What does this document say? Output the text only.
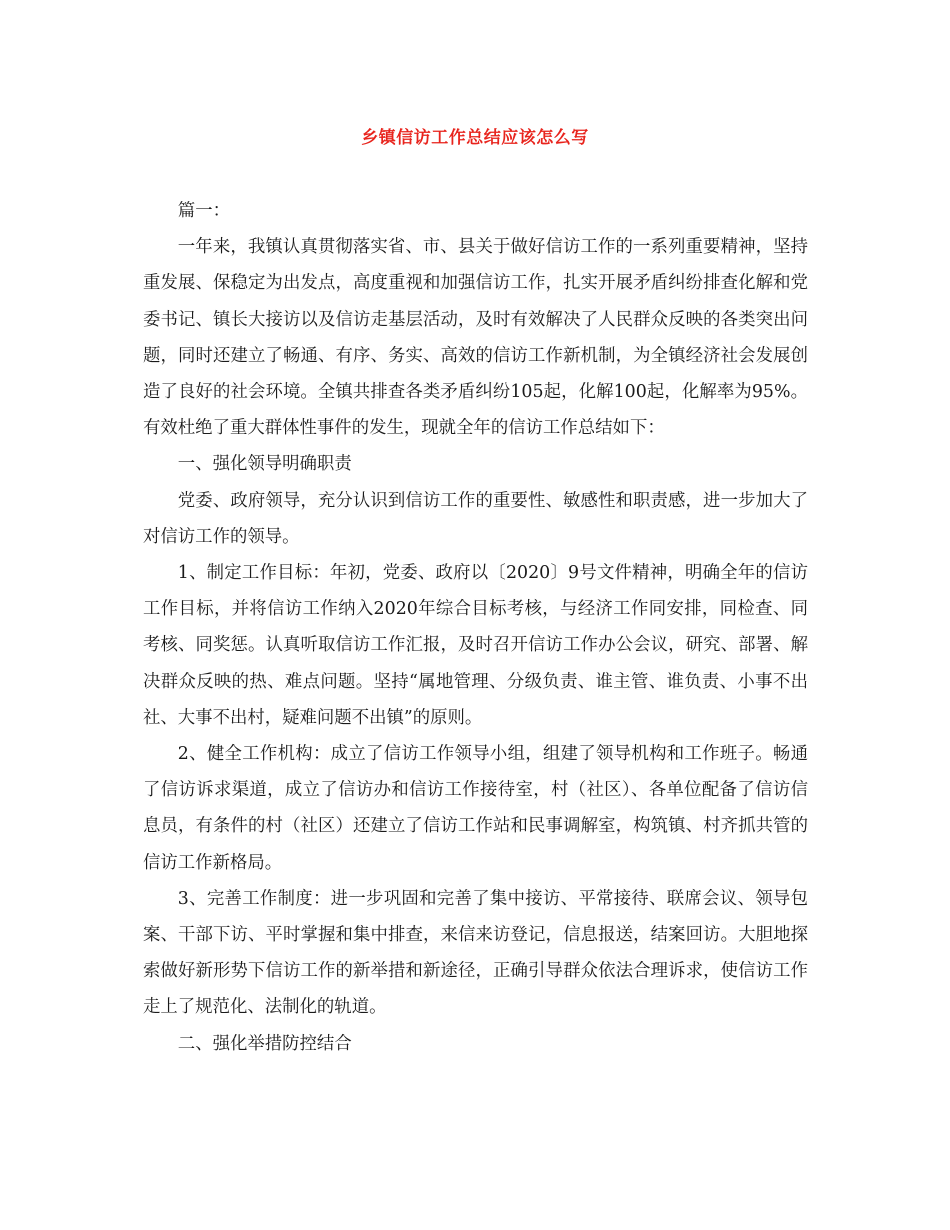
乡镇信访工作总结应该怎么写

篇一：

一年来，我镇认真贯彻落实省、市、县关于做好信访工作的一系列重要精神，坚持重发展、保稳定为出发点，高度重视和加强信访工作，扎实开展矛盾纠纷排查化解和党委书记、镇长大接访以及信访走基层活动，及时有效解决了人民群众反映的各类突出问题，同时还建立了畅通、有序、务实、高效的信访工作新机制，为全镇经济社会发展创造了良好的社会环境。全镇共排查各类矛盾纠纷105起，化解100起，化解率为95%。有效杜绝了重大群体性事件的发生，现就全年的信访工作总结如下：

一、强化领导明确职责

党委、政府领导，充分认识到信访工作的重要性、敏感性和职责感，进一步加大了对信访工作的领导。

1、制定工作目标：年初，党委、政府以〔2020〕9号文件精神，明确全年的信访工作目标，并将信访工作纳入2020年综合目标考核，与经济工作同安排，同检查、同考核、同奖惩。认真听取信访工作汇报，及时召开信访工作办公会议，研究、部署、解决群众反映的热、难点问题。坚持“属地管理、分级负责、谁主管、谁负责、小事不出社、大事不出村，疑难问题不出镇”的原则。

2、健全工作机构：成立了信访工作领导小组，组建了领导机构和工作班子。畅通了信访诉求渠道，成立了信访办和信访工作接待室，村（社区）、各单位配备了信访信息员，有条件的村（社区）还建立了信访工作站和民事调解室，构筑镇、村齐抓共管的信访工作新格局。

3、完善工作制度：进一步巩固和完善了集中接访、平常接待、联席会议、领导包案、干部下访、平时掌握和集中排查，来信来访登记，信息报送，结案回访。大胆地探索做好新形势下信访工作的新举措和新途径，正确引导群众依法合理诉求，使信访工作走上了规范化、法制化的轨道。

二、强化举措防控结合
